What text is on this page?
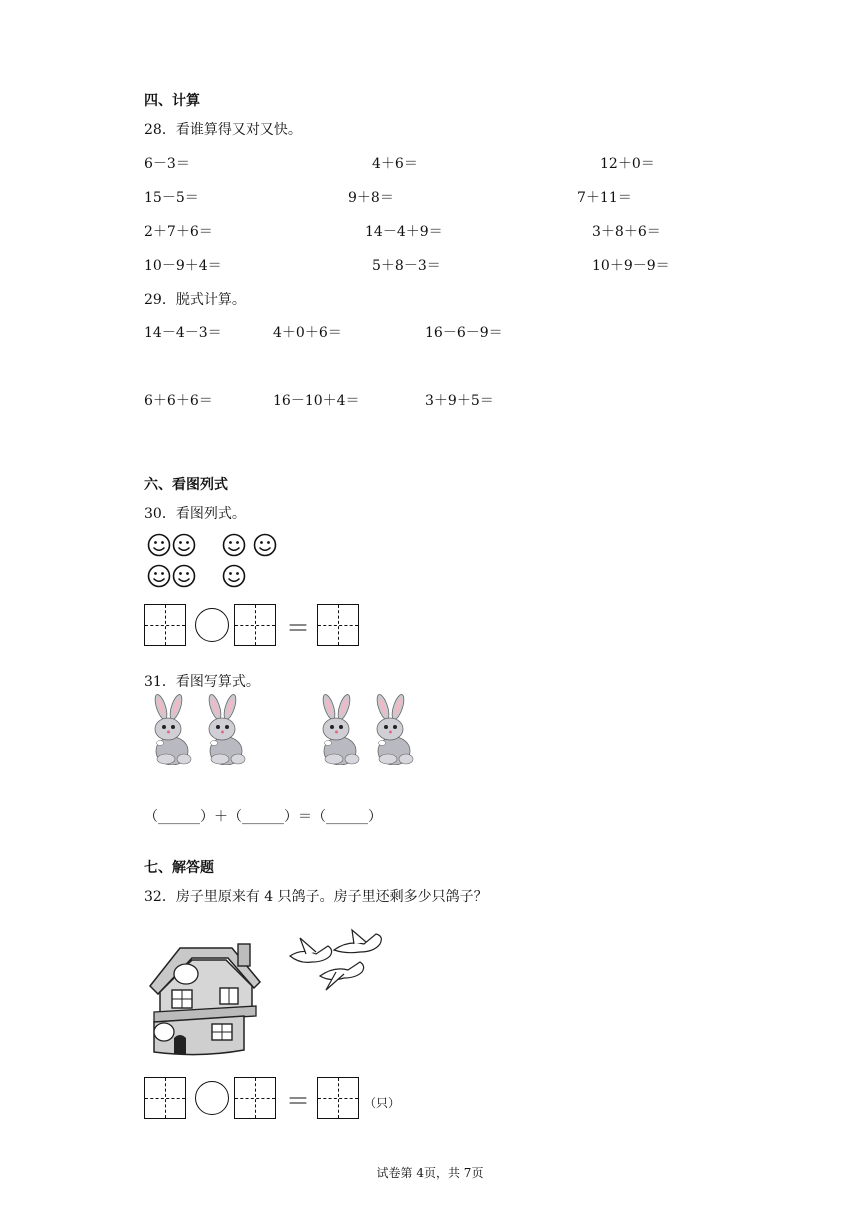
四、计算
28．看谁算得又对又快。
6－3＝	4＋6＝	12＋0＝
15－5＝	9＋8＝	7＋11＝
2＋7＋6＝	14－4＋9＝	3＋8＋6＝
10－9＋4＝	5＋8－3＝	10＋9－9＝
29．脱式计算。
14－4－3＝	4＋0＋6＝	16－6－9＝
6＋6＋6＝	16－10＋4＝	3＋9＋5＝
六、看图列式
30．看图列式。
＝
31．看图写算式。
（______）＋（______）＝（______）
七、解答题
32．房子里原来有 4 只鸽子。房子里还剩多少只鸽子？
＝	（只）
试卷第 4页，共 7页
